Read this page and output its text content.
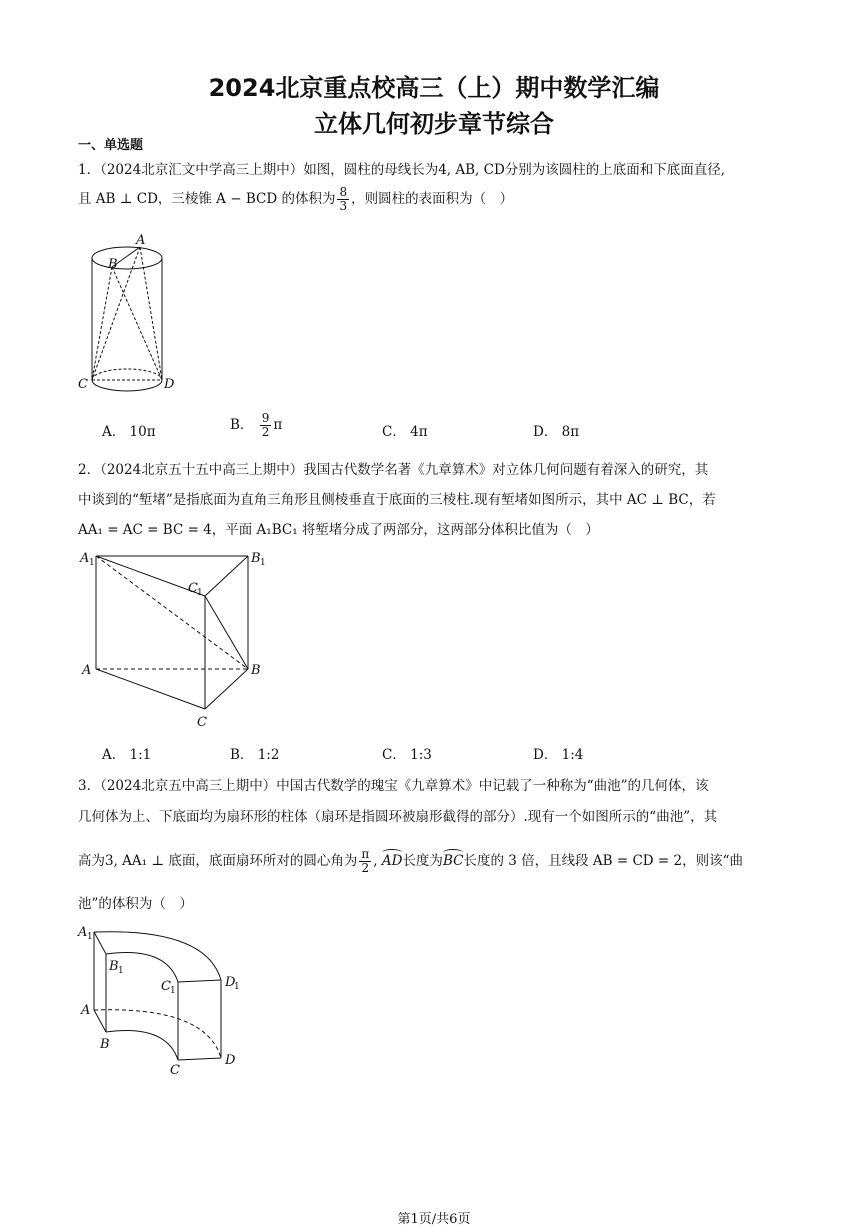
2024北京重点校高三（上）期中数学汇编
立体几何初步章节综合
一、单选题
1．（2024北京汇文中学高三上期中）如图，圆柱的母线长为4, AB, CD分别为该圆柱的上底面和下底面直径,
且 AB ⊥ CD，三棱锥 A − BCD 的体积为 $\frac{8}{3}$ ，则圆柱的表面积为（　）
A
B
C	D
A． 10π	B． $\frac{9}{2}$ π	C． 4π	D． 8π
2．（2024北京五十五中高三上期中）我国古代数学名著《九章算术》对立体几何问题有着深入的研究，其
中谈到的“堑堵”是指底面为直角三角形且侧棱垂直于底面的三棱柱.现有堑堵如图所示，其中 AC ⊥ BC，若
AA₁ = AC = BC = 4，平面 A₁BC₁ 将堑堵分成了两部分，这两部分体积比值为（　）
A 1	B 1
C 1
A	B
C
A． 1:1	B． 1:2	C． 1:3	D． 1:4
3．（2024北京五中高三上期中）中国古代数学的瑰宝《九章算术》中记载了一种称为“曲池”的几何体，该
几何体为上、下底面均为扇环形的柱体（扇环是指圆环被扇形截得的部分）.现有一个如图所示的“曲池”，其
高为3, AA₁ ⊥ 底面，底面扇环所对的圆心角为 $\frac{\pi}{2}$ , AD长度为BC长度的 3 倍，且线段 AB = CD = 2，则该“曲
池”的体积为（　）
A 1
B 1
C 1
D
1
A
B
C
D
第1页/共6页
